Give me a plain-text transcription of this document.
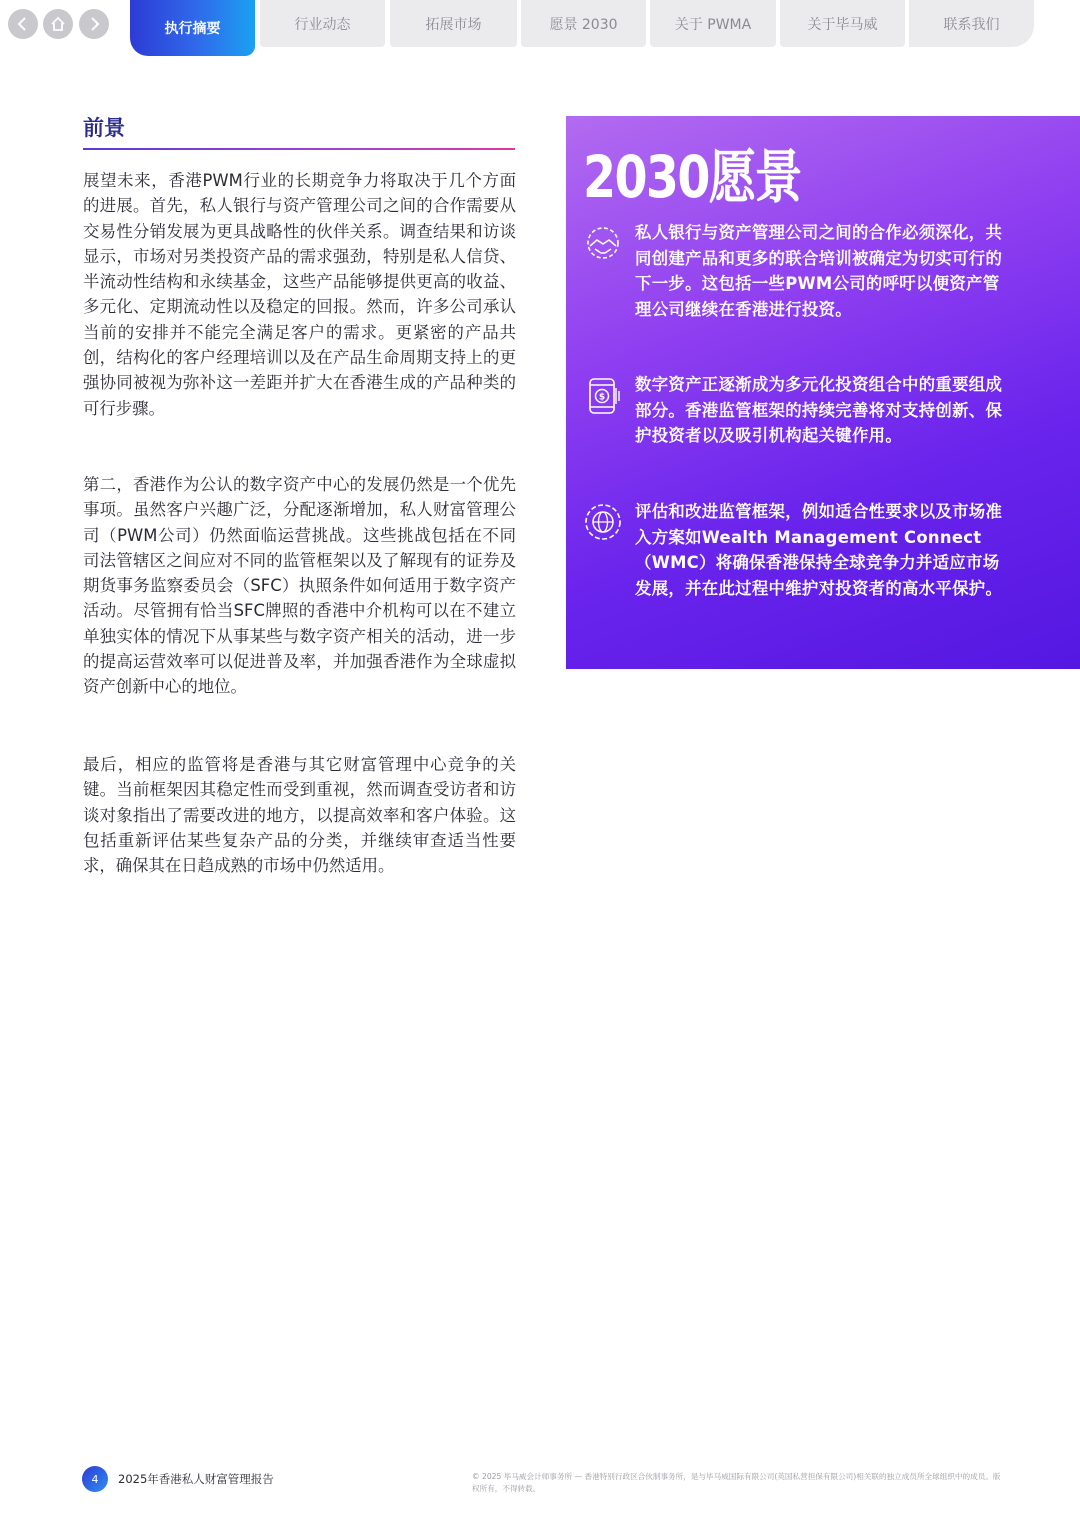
执行摘要	行业动态	拓展市场	愿景 2030	关于 PWMA	关于毕马威	联系我们
前景

展望未来，香港PWM行业的长期竞争力将取决于几个方面的进展。首先，私人银行与资产管理公司之间的合作需要从交易性分销发展为更具战略性的伙伴关系。调查结果和访谈显示，市场对另类投资产品的需求强劲，特别是私人信贷、半流动性结构和永续基金，这些产品能够提供更高的收益、多元化、定期流动性以及稳定的回报。然而，许多公司承认当前的安排并不能完全满足客户的需求。更紧密的产品共创，结构化的客户经理培训以及在产品生命周期支持上的更强协同被视为弥补这一差距并扩大在香港生成的产品种类的可行步骤。

第二，香港作为公认的数字资产中心的发展仍然是一个优先事项。虽然客户兴趣广泛，分配逐渐增加，私人财富管理公司（PWM公司）仍然面临运营挑战。这些挑战包括在不同司法管辖区之间应对不同的监管框架以及了解现有的证券及期货事务监察委员会（SFC）执照条件如何适用于数字资产活动。尽管拥有恰当SFC牌照的香港中介机构可以在不建立单独实体的情况下从事某些与数字资产相关的活动，进一步的提高运营效率可以促进普及率，并加强香港作为全球虚拟资产创新中心的地位。

最后，相应的监管将是香港与其它财富管理中心竞争的关键。当前框架因其稳定性而受到重视，然而调查受访者和访谈对象指出了需要改进的地方，以提高效率和客户体验。这包括重新评估某些复杂产品的分类，并继续审查适当性要求，确保其在日趋成熟的市场中仍然适用。

2030愿景

私人银行与资产管理公司之间的合作必须深化，共同创建产品和更多的联合培训被确定为切实可行的下一步。这包括一些PWM公司的呼吁以便资产管理公司继续在香港进行投资。

$

数字资产正逐渐成为多元化投资组合中的重要组成部分。香港监管框架的持续完善将对支持创新、保护投资者以及吸引机构起关键作用。

评估和改进监管框架，例如适合性要求以及市场准入方案如Wealth Management Connect（WMC）将确保香港保持全球竞争力并适应市场发展，并在此过程中维护对投资者的高水平保护。

4	2025年香港私人财富管理报告	© 2025 毕马威会计师事务所 — 香港特别行政区合伙制事务所，是与毕马威国际有限公司(英国私营担保有限公司)相关联的独立成员所全球组织中的成员。版权所有，不得转载。
